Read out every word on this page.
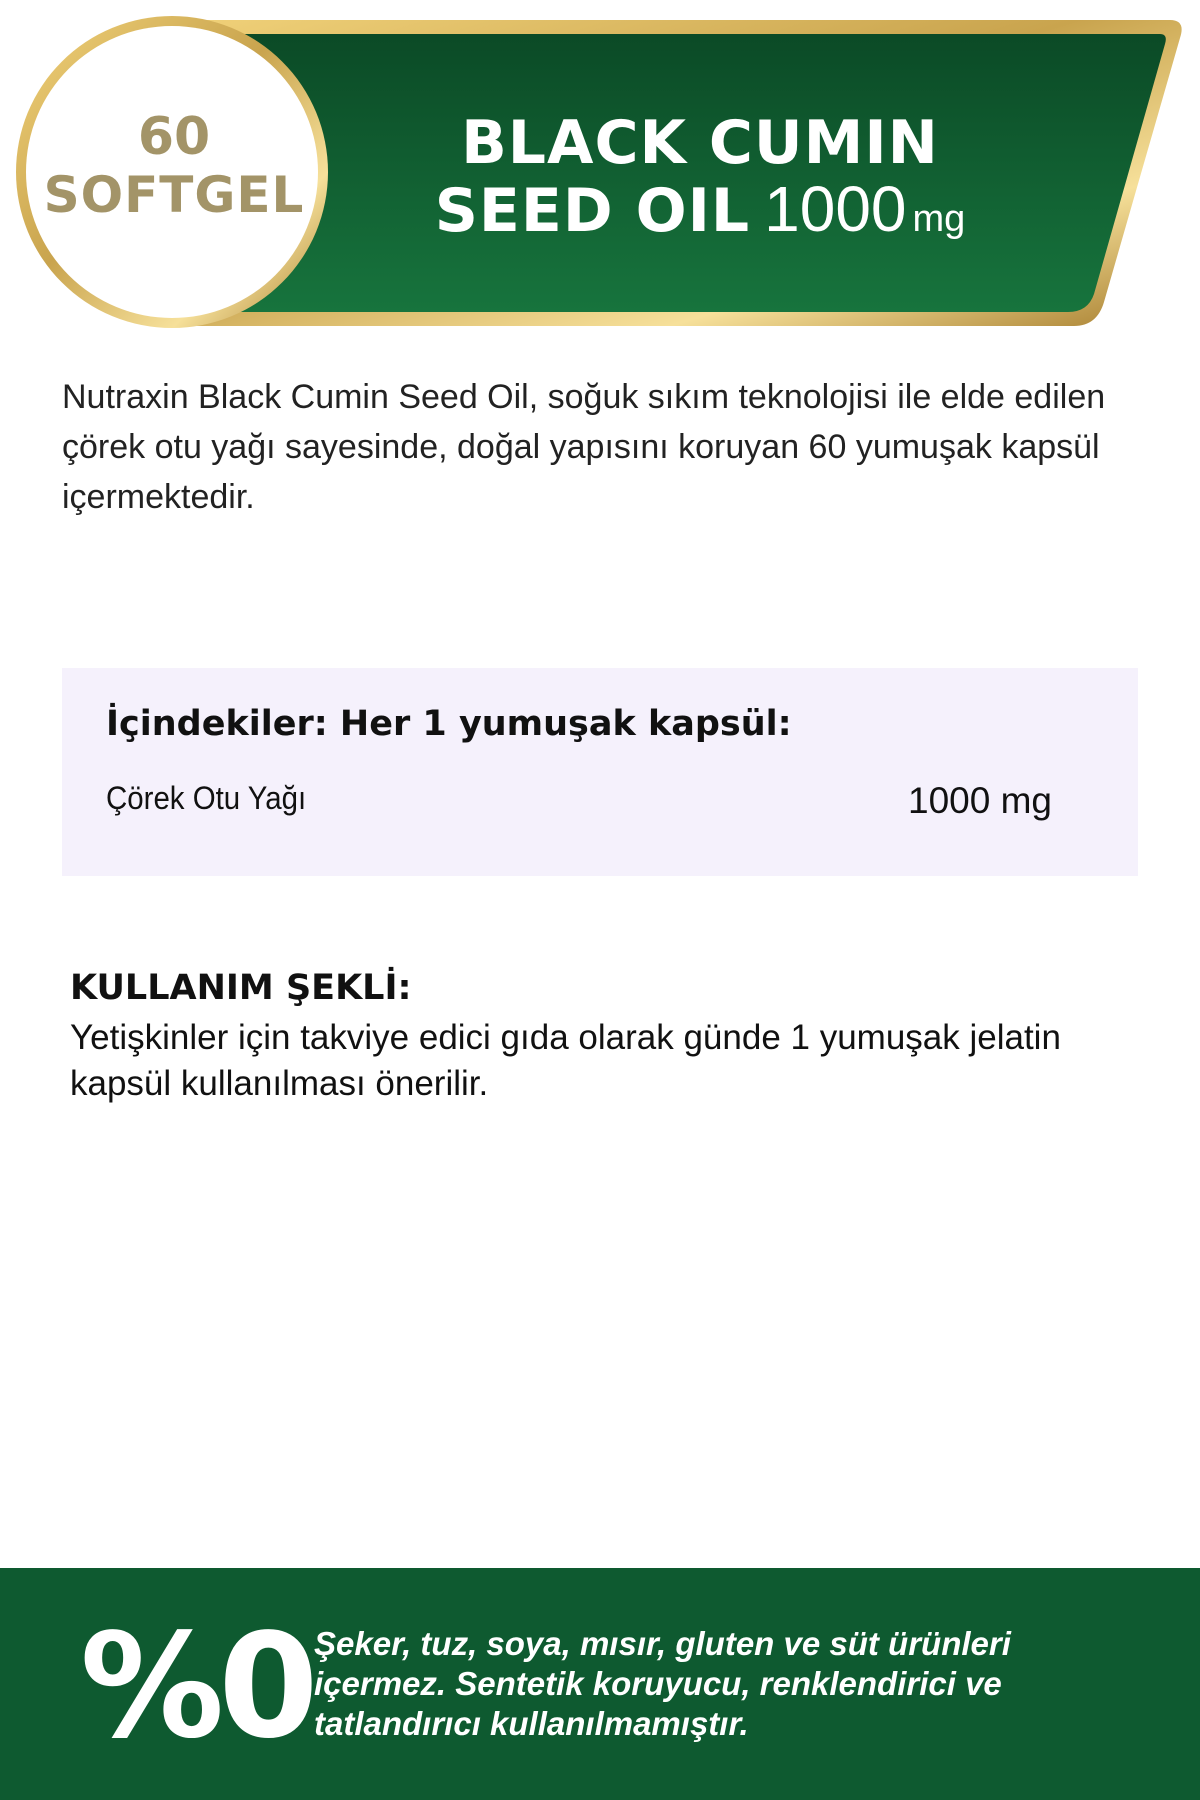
60
SOFTGEL
BLACK CUMIN
SEED OIL 1000 mg

Nutraxin Black Cumin Seed Oil, soğuk sıkım teknolojisi ile elde edilen çörek otu yağı sayesinde, doğal yapısını koruyan 60 yumuşak kapsül içermektedir.

İçindekiler: Her 1 yumuşak kapsül:
Çörek Otu Yağı	1000 mg
KULLANIM ŞEKLİ:
Yetişkinler için takviye edici gıda olarak günde 1 yumuşak jelatin kapsül kullanılması önerilir.
%0 Şeker, tuz, soya, mısır, gluten ve süt ürünleri içermez. Sentetik koruyucu, renklendirici ve tatlandırıcı kullanılmamıştır.
